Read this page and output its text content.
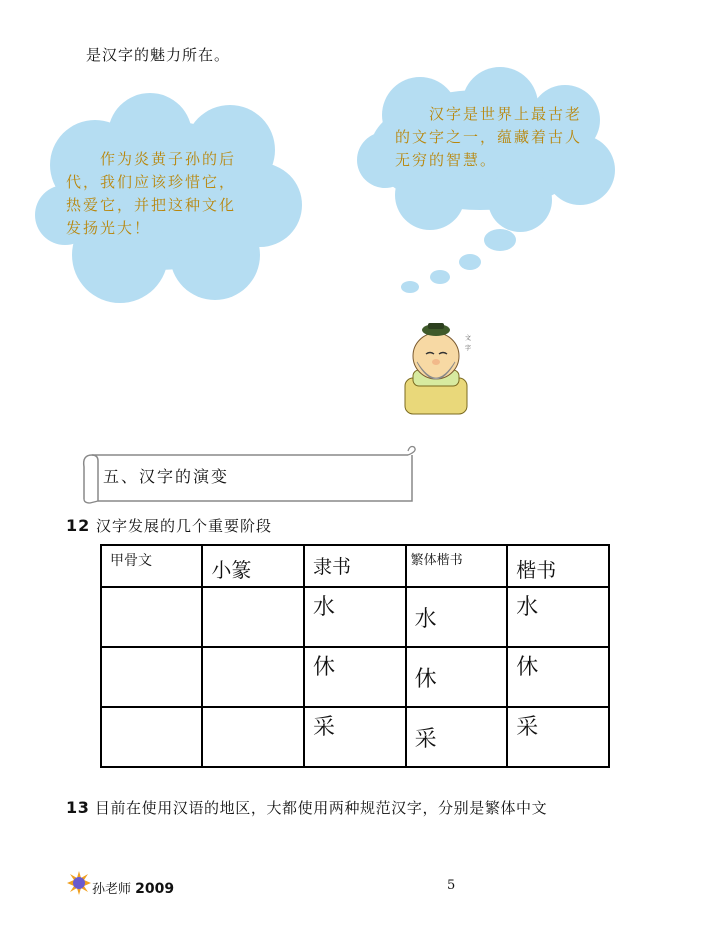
是汉字的魅力所在。
　　作为炎黄子孙的后代，我们应该珍惜它，热爱它，并把这种文化发扬光大！
　　汉字是世界上最古老的文字之一，蕴藏着古人无穷的智慧。
文
字
五、汉字的演变
12 汉字发展的几个重要阶段
甲骨文	小篆	隶书	繁体楷书	楷书

		水	水	水

		休	休	休

		采	采	采
13 目前在使用汉语的地区，大都使用两种规范汉字，分别是繁体中文
孙老师 2009	5
